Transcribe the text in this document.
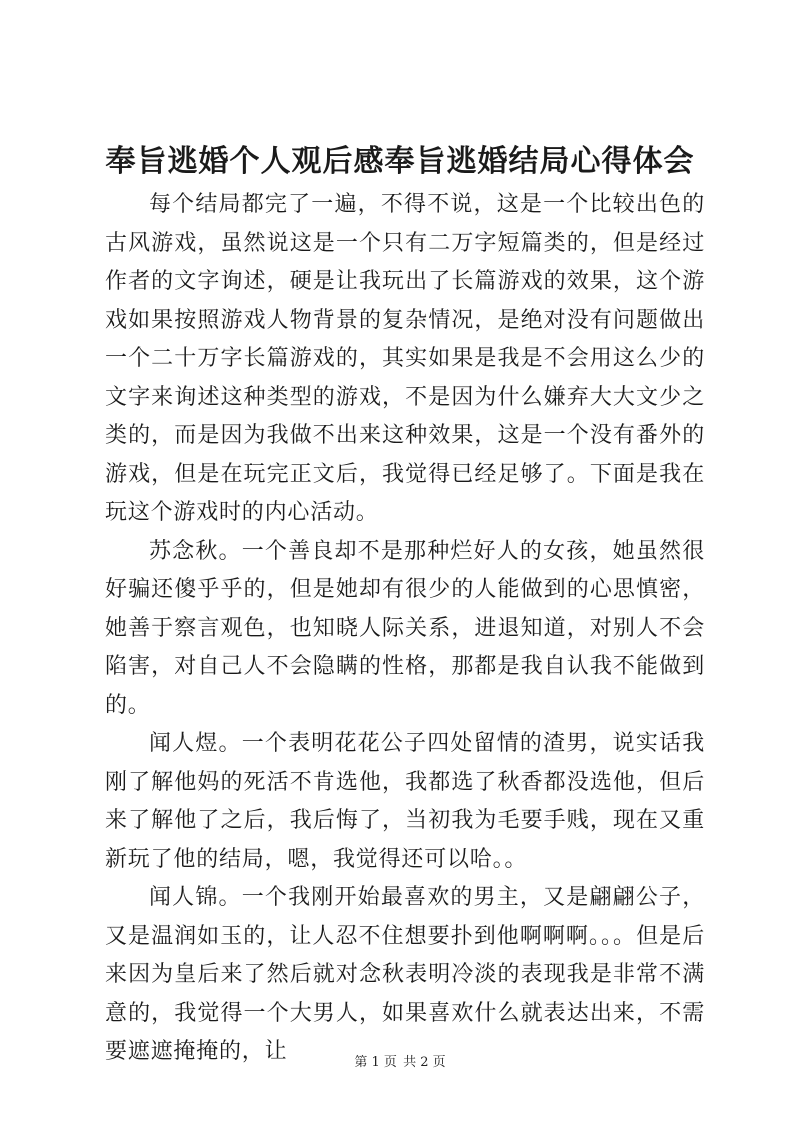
奉旨逃婚个人观后感奉旨逃婚结局心得体会

每个结局都完了一遍，不得不说，这是一个比较出色的古风游戏，虽然说这是一个只有二万字短篇类的，但是经过作者的文字询述，硬是让我玩出了长篇游戏的效果，这个游戏如果按照游戏人物背景的复杂情况，是绝对没有问题做出一个二十万字长篇游戏的，其实如果是我是不会用这么少的文字来询述这种类型的游戏，不是因为什么嫌弃大大文少之类的，而是因为我做不出来这种效果，这是一个没有番外的游戏，但是在玩完正文后，我觉得已经足够了。下面是我在玩这个游戏时的内心活动。

苏念秋。一个善良却不是那种烂好人的女孩，她虽然很好骗还傻乎乎的，但是她却有很少的人能做到的心思慎密，她善于察言观色，也知晓人际关系，进退知道，对别人不会陷害，对自己人不会隐瞒的性格，那都是我自认我不能做到的。

闻人煜。一个表明花花公子四处留情的渣男，说实话我刚了解他妈的死活不肯选他，我都选了秋香都没选他，但后来了解他了之后，我后悔了，当初我为毛要手贱，现在又重新玩了他的结局，嗯，我觉得还可以哈。。

闻人锦。一个我刚开始最喜欢的男主，又是翩翩公子，又是温润如玉的，让人忍不住想要扑到他啊啊啊。。。但是后来因为皇后来了然后就对念秋表明冷淡的表现我是非常不满意的，我觉得一个大男人，如果喜欢什么就表达出来，不需要遮遮掩掩的，让	第 1 页 共 2 页
